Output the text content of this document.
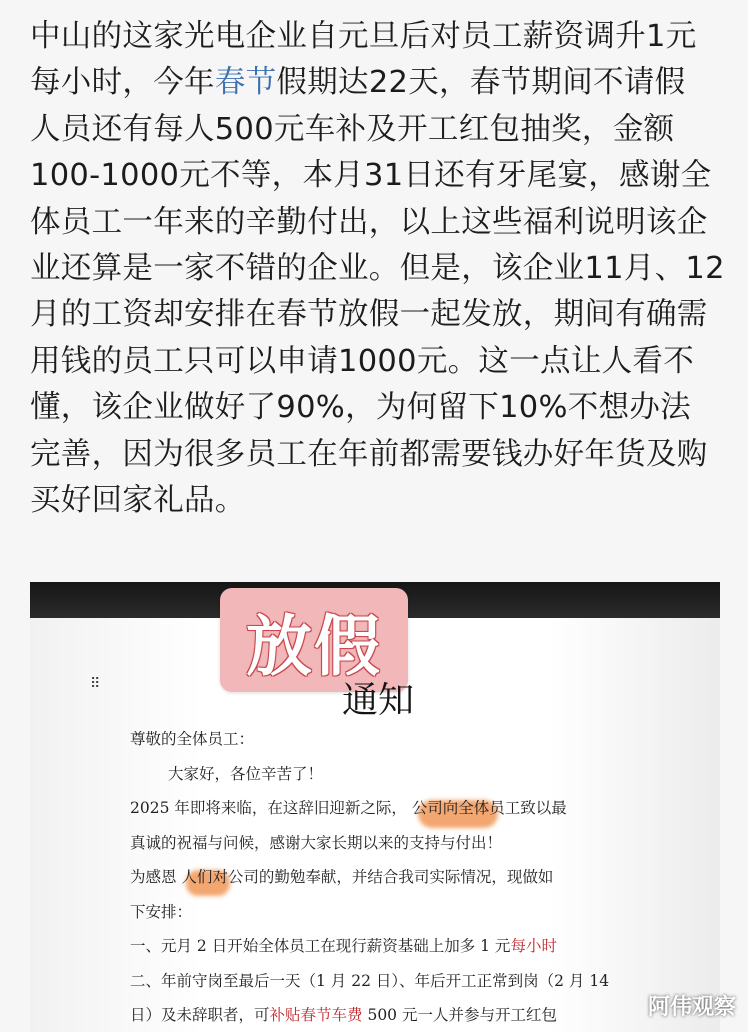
中山的这家光电企业自元旦后对员工薪资调升1元

每小时，今年春节假期达22天，春节期间不请假

人员还有每人500元车补及开工红包抽奖，金额

100-1000元不等，本月31日还有牙尾宴，感谢全

体员工一年来的辛勤付出，以上这些福利说明该企

业还算是一家不错的企业。但是，该企业11月、12

月的工资却安排在春节放假一起发放，期间有确需

用钱的员工只可以申请1000元。这一点让人看不

懂，该企业做好了90%，为何留下10%不想办法

完善，因为很多员工在年前都需要钱办好年货及购

买好回家礼品。

放假
⠿	通知

尊敬的全体员工：

大家好，各位辛苦了！

2025 年即将来临，在这辞旧迎新之际， 公司向全体员工致以最

真诚的祝福与问候，感谢大家长期以来的支持与付出！

为感恩 人们对公司的勤勉奉献，并结合我司实际情况，现做如

下安排：

一、元月 2 日开始全体员工在现行薪资基础上加多 1 元每小时

二、年前守岗至最后一天（1 月 22 日）、年后开工正常到岗（2 月 14

日）及未辞职者，可补贴春节车费 500 元一人并参与开工红包	阿伟观察
